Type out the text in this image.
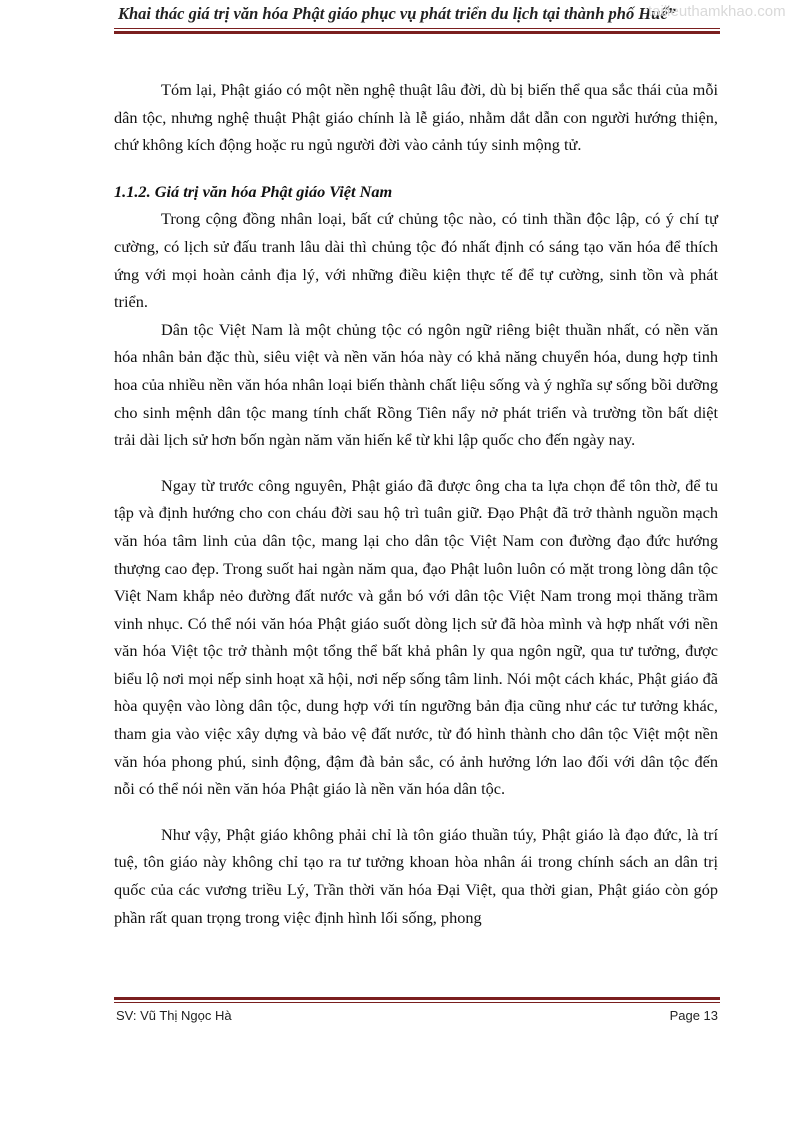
Khai thác giá trị văn hóa Phật giáo phục vụ phát triển du lịch tại thành phố Huế”
tailieuthamkhao.com

Tóm lại, Phật giáo có một nền nghệ thuật lâu đời, dù bị biến thể qua sắc thái của mỗi dân tộc, nhưng nghệ thuật Phật giáo chính là lễ giáo, nhằm dắt dẫn con người hướng thiện, chứ không kích động hoặc ru ngủ người đời vào cảnh túy sinh mộng tử.

1.1.2. Giá trị văn hóa Phật giáo Việt Nam

Trong cộng đồng nhân loại, bất cứ chủng tộc nào, có tinh thần độc lập, có ý chí tự cường, có lịch sử đấu tranh lâu dài thì chủng tộc đó nhất định có sáng tạo văn hóa để thích ứng với mọi hoàn cảnh địa lý, với những điều kiện thực tế để tự cường, sinh tồn và phát triển.

Dân tộc Việt Nam là một chủng tộc có ngôn ngữ riêng biệt thuần nhất, có nền văn hóa nhân bản đặc thù, siêu việt và nền văn hóa này có khả năng chuyển hóa, dung hợp tinh hoa của nhiều nền văn hóa nhân loại biến thành chất liệu sống và ý nghĩa sự sống bồi dưỡng cho sinh mệnh dân tộc mang tính chất Rồng Tiên nẩy nở phát triển và trường tồn bất diệt trải dài lịch sử hơn bốn ngàn năm văn hiến kể từ khi lập quốc cho đến ngày nay.

Ngay từ trước công nguyên, Phật giáo đã được ông cha ta lựa chọn để tôn thờ, để tu tập và định hướng cho con cháu đời sau hộ trì tuân giữ. Đạo Phật đã trở thành nguồn mạch văn hóa tâm linh của dân tộc, mang lại cho dân tộc Việt Nam con đường đạo đức hướng thượng cao đẹp. Trong suốt hai ngàn năm qua, đạo Phật luôn luôn có mặt trong lòng dân tộc Việt Nam khắp nẻo đường đất nước và gắn bó với dân tộc Việt Nam trong mọi thăng trầm vinh nhục. Có thể nói văn hóa Phật giáo suốt dòng lịch sử đã hòa mình và hợp nhất với nền văn hóa Việt tộc trở thành một tổng thể bất khả phân ly qua ngôn ngữ, qua tư tưởng, được biểu lộ nơi mọi nếp sinh hoạt xã hội, nơi nếp sống tâm linh. Nói một cách khác, Phật giáo đã hòa quyện vào lòng dân tộc, dung hợp với tín ngưỡng bản địa cũng như các tư tưởng khác, tham gia vào việc xây dựng và bảo vệ đất nước, từ đó hình thành cho dân tộc Việt một nền văn hóa phong phú, sinh động, đậm đà bản sắc, có ảnh hưởng lớn lao đối với dân tộc đến nỗi có thể nói nền văn hóa Phật giáo là nền văn hóa dân tộc.

Như vậy, Phật giáo không phải chỉ là tôn giáo thuần túy, Phật giáo là đạo đức, là trí tuệ, tôn giáo này không chỉ tạo ra tư tưởng khoan hòa nhân ái trong chính sách an dân trị quốc của các vương triều Lý, Trần thời văn hóa Đại Việt, qua thời gian, Phật giáo còn góp phần rất quan trọng trong việc định hình lối sống, phong

SV: Vũ Thị Ngọc Hà	Page 13
